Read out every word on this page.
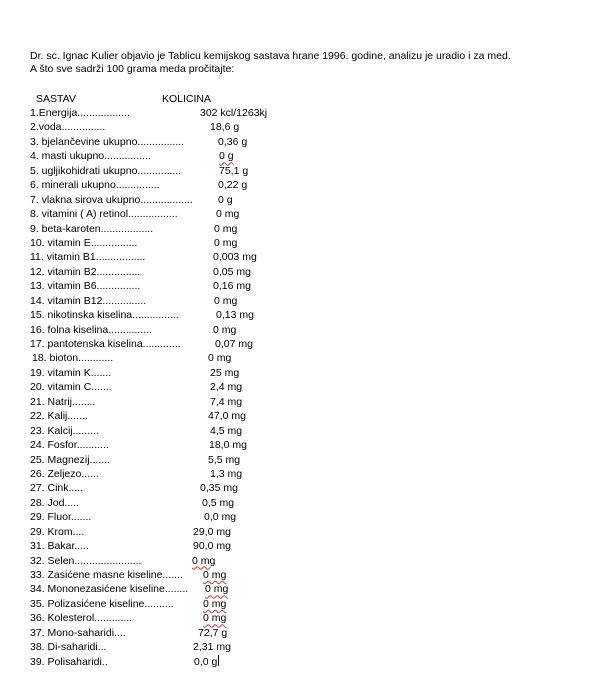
Dr. sc. Ignac Kulier objavio je Tablicu kemijskog sastava hrane 1996. godine, analizu je uradio i za med.
A što sve sadrži 100 grama meda pročitajte:
SASTAV	KOLICINA
1.Energija..................	302 kcl/1263kj
2.voda...............	18,6 g
3. bjelančevine ukupno................	0,36 g
4. masti ukupno................	0 g
5. ugljikohidrati ukupno...............	75,1 g
6. minerali ukupno...............	0,22 g
7. vlakna sirova ukupno.................. 0 g
8. vitamini ( A) retinol.................	0 mg
9. beta-karoten..................	0 mg
10. vitamin E................	0 mg
11. vitamin B1.................	0,003 mg
12. vitamin B2...............	0,05 mg
13. vitamin B6...............	0,16 mg
14. vitamin B12...............	0 mg
15. nikotinska kiselina................	0,13 mg
16. folna kiselina...............	0 mg
17. pantotenska kiselina.............	0,07 mg
18. bioton............	0 mg
19. vitamin K.......	25 mg
20. vitamin C.......	2,4 mg
21. Natrij........	7,4 mg
22. Kalij.......	47,0 mg
23. Kalcij.........	4,5 mg
24. Fosfor...........	18,0 mg
25. Magnezij.......	5,5 mg
26. Zeljezo......	1,3 mg
27. Cink.....	0,35 mg
28. Jod.....	0,5 mg
29. Fluor.......	0,0 mg
29. Krom....	29,0 mg
31. Bakar.....	90,0 mg
32. Selen.......................	0 mg
33. Zasićene masne kiseline....... 0 mg
34. Mononezasićene kiseline........ 0 mg
35. Polizasićene kiseline..........	0 mg
36. Kolesterol.............	0 mg
37. Mono-saharidi....	72,7 g
38. Di-saharidi...	2,31 mg
39. Polisaharidi..	0,0 g
